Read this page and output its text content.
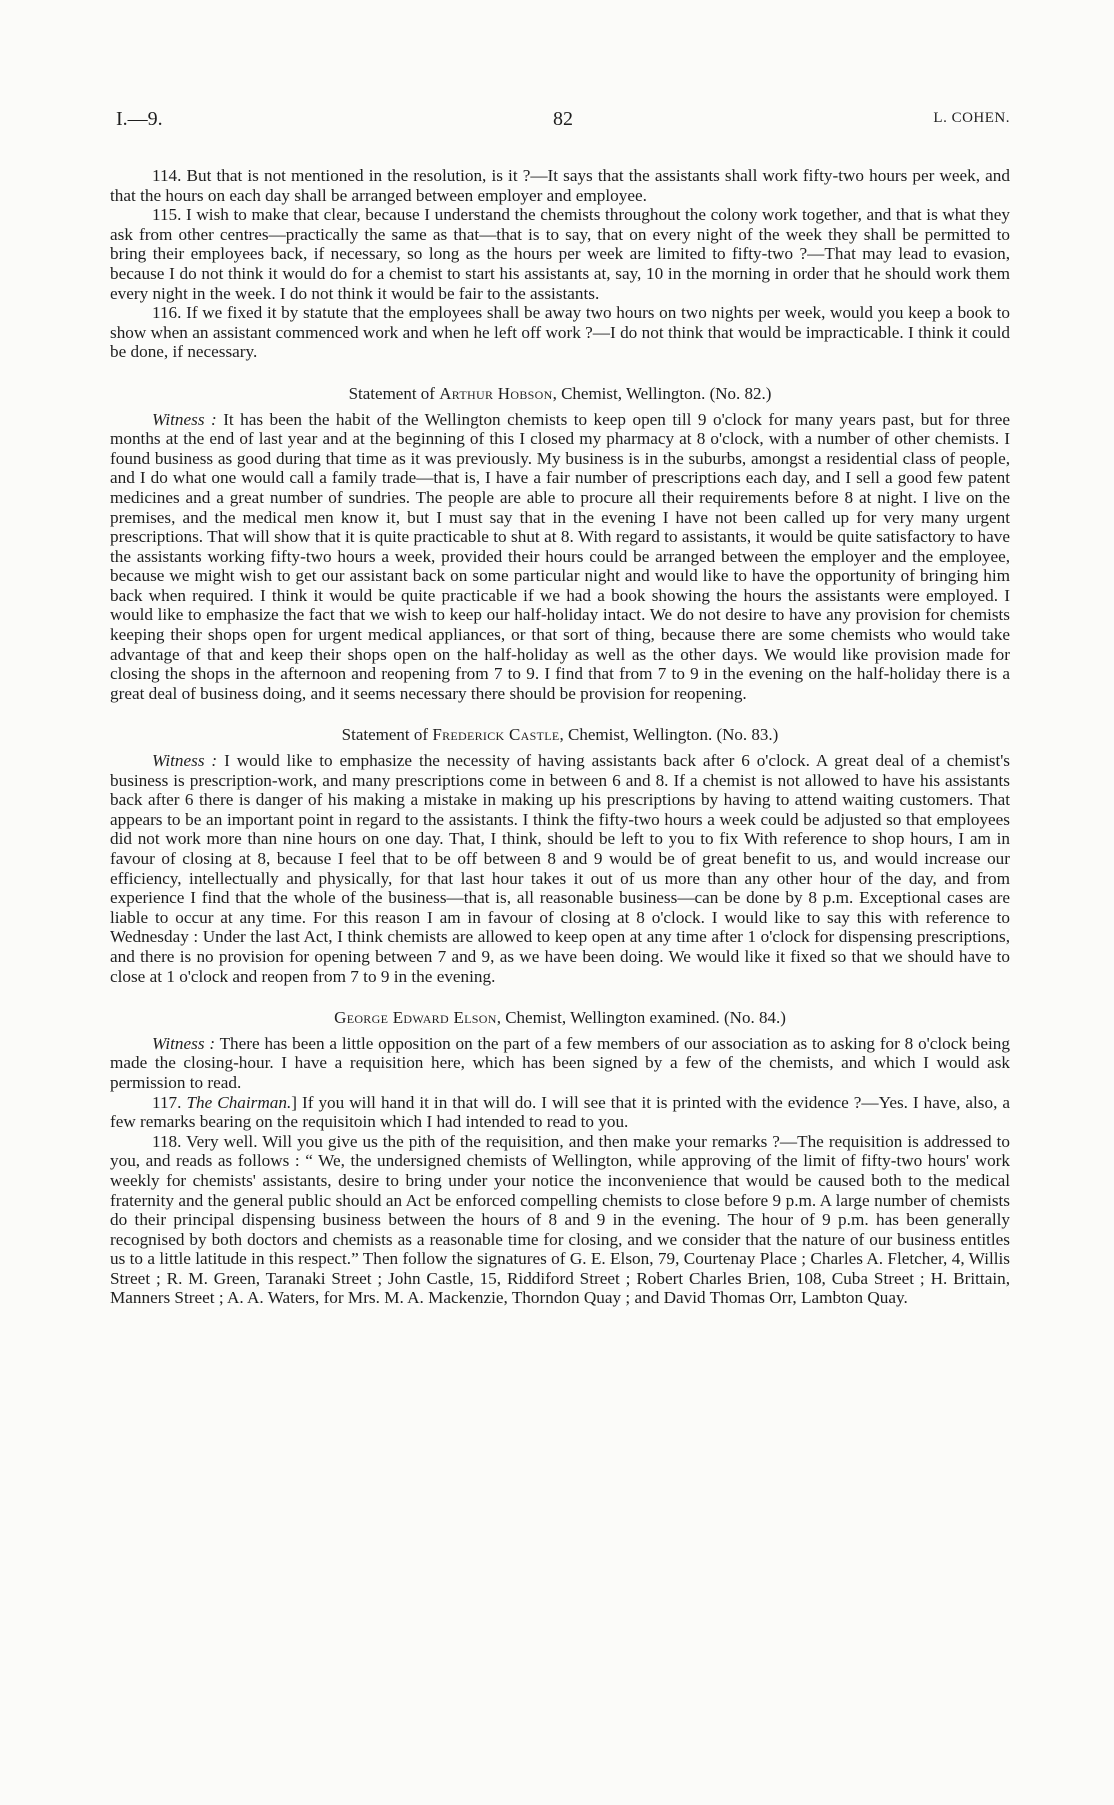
I.—9.	82	L. COHEN.

114. But that is not mentioned in the resolution, is it ?—It says that the assistants shall work fifty-two hours per week, and that the hours on each day shall be arranged between employer and employee.

115. I wish to make that clear, because I understand the chemists throughout the colony work together, and that is what they ask from other centres—practically the same as that—that is to say, that on every night of the week they shall be permitted to bring their employees back, if necessary, so long as the hours per week are limited to fifty-two ?—That may lead to evasion, because I do not think it would do for a chemist to start his assistants at, say, 10 in the morning in order that he should work them every night in the week. I do not think it would be fair to the assistants.

116. If we fixed it by statute that the employees shall be away two hours on two nights per week, would you keep a book to show when an assistant commenced work and when he left off work ?—I do not think that would be impracticable. I think it could be done, if necessary.

Statement of Arthur Hobson, Chemist, Wellington. (No. 82.)

Witness : It has been the habit of the Wellington chemists to keep open till 9 o'clock for many years past, but for three months at the end of last year and at the beginning of this I closed my pharmacy at 8 o'clock, with a number of other chemists. I found business as good during that time as it was previously. My business is in the suburbs, amongst a residential class of people, and I do what one would call a family trade—that is, I have a fair number of prescriptions each day, and I sell a good few patent medicines and a great number of sundries. The people are able to procure all their requirements before 8 at night. I live on the premises, and the medical men know it, but I must say that in the evening I have not been called up for very many urgent prescriptions. That will show that it is quite practicable to shut at 8. With regard to assistants, it would be quite satisfactory to have the assistants working fifty-two hours a week, provided their hours could be arranged between the employer and the employee, because we might wish to get our assistant back on some particular night and would like to have the opportunity of bringing him back when required. I think it would be quite practicable if we had a book showing the hours the assistants were employed. I would like to emphasize the fact that we wish to keep our half-holiday intact. We do not desire to have any provision for chemists keeping their shops open for urgent medical appliances, or that sort of thing, because there are some chemists who would take advantage of that and keep their shops open on the half-holiday as well as the other days. We would like provision made for closing the shops in the afternoon and reopening from 7 to 9. I find that from 7 to 9 in the evening on the half-holiday there is a great deal of business doing, and it seems necessary there should be provision for reopening.

Statement of Frederick Castle, Chemist, Wellington. (No. 83.)

Witness : I would like to emphasize the necessity of having assistants back after 6 o'clock. A great deal of a chemist's business is prescription-work, and many prescriptions come in between 6 and 8. If a chemist is not allowed to have his assistants back after 6 there is danger of his making a mistake in making up his prescriptions by having to attend waiting customers. That appears to be an important point in regard to the assistants. I think the fifty-two hours a week could be adjusted so that employees did not work more than nine hours on one day. That, I think, should be left to you to fix With reference to shop hours, I am in favour of closing at 8, because I feel that to be off between 8 and 9 would be of great benefit to us, and would increase our efficiency, intellectually and physically, for that last hour takes it out of us more than any other hour of the day, and from experience I find that the whole of the business—that is, all reasonable business—can be done by 8 p.m. Exceptional cases are liable to occur at any time. For this reason I am in favour of closing at 8 o'clock. I would like to say this with reference to Wednesday : Under the last Act, I think chemists are allowed to keep open at any time after 1 o'clock for dispensing prescriptions, and there is no provision for opening between 7 and 9, as we have been doing. We would like it fixed so that we should have to close at 1 o'clock and reopen from 7 to 9 in the evening.

George Edward Elson, Chemist, Wellington examined. (No. 84.)

Witness : There has been a little opposition on the part of a few members of our association as to asking for 8 o'clock being made the closing-hour. I have a requisition here, which has been signed by a few of the chemists, and which I would ask permission to read.

117. The Chairman.] If you will hand it in that will do. I will see that it is printed with the evidence ?—Yes. I have, also, a few remarks bearing on the requisitoin which I had intended to read to you.

118. Very well. Will you give us the pith of the requisition, and then make your remarks ?—The requisition is addressed to you, and reads as follows : “ We, the undersigned chemists of Wellington, while approving of the limit of fifty-two hours' work weekly for chemists' assistants, desire to bring under your notice the inconvenience that would be caused both to the medical fraternity and the general public should an Act be enforced compelling chemists to close before 9 p.m. A large number of chemists do their principal dispensing business between the hours of 8 and 9 in the evening. The hour of 9 p.m. has been generally recognised by both doctors and chemists as a reasonable time for closing, and we consider that the nature of our business entitles us to a little latitude in this respect.” Then follow the signatures of G. E. Elson, 79, Courtenay Place ; Charles A. Fletcher, 4, Willis Street ; R. M. Green, Taranaki Street ; John Castle, 15, Riddiford Street ; Robert Charles Brien, 108, Cuba Street ; H. Brittain, Manners Street ; A. A. Waters, for Mrs. M. A. Mackenzie, Thorndon Quay ; and David Thomas Orr, Lambton Quay.
